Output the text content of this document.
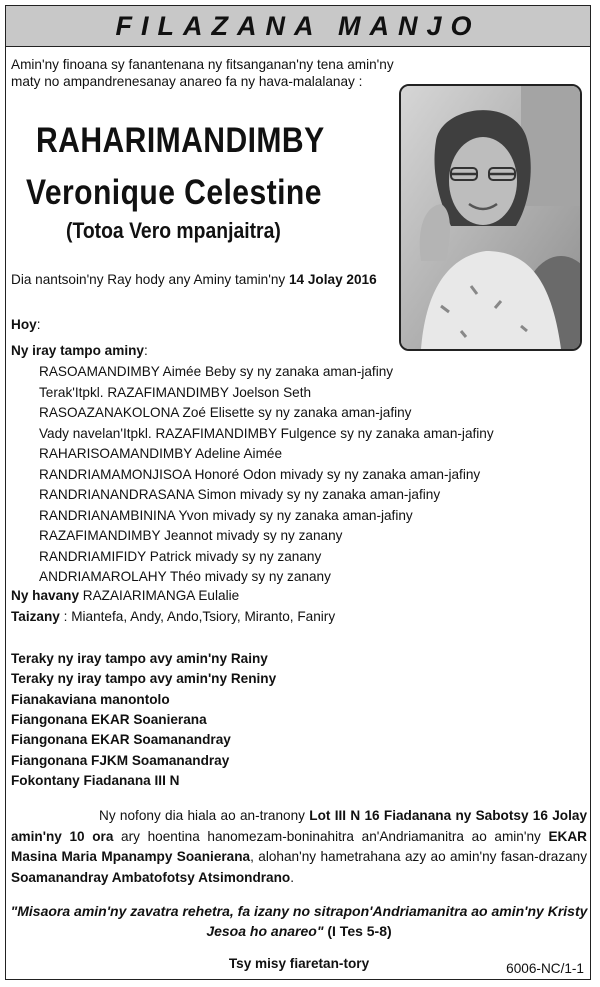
FILAZANA MANJO
Amin'ny finoana sy fanantenana ny fitsanganan'ny tena amin'ny maty no ampandrenesanay anareo fa ny hava-malalanay :
RAHARIMANDIMBY
Veronique Celestine
(Totoa Vero mpanjaitra)
Dia nantsoin'ny Ray hody any Aminy tamin'ny 14 Jolay 2016
Hoy:
Ny iray tampo aminy:
RASOAMANDIMBY Aimée Beby sy ny zanaka aman-jafiny
Terak'Itpkl. RAZAFIMANDIMBY Joelson Seth
RASOAZANAKOLONA Zoé Elisette sy ny zanaka aman-jafiny
Vady navelan'Itpkl. RAZAFIMANDIMBY Fulgence sy ny zanaka aman-jafiny
RAHARISOAMANDIMBY Adeline Aimée
RANDRIAMAMONJISOA Honoré Odon mivady sy ny zanaka aman-jafiny
RANDRIANANDRASANA Simon mivady sy ny zanaka aman-jafiny
RANDRIANAMBININA Yvon mivady sy ny zanaka aman-jafiny
RAZAFIMANDIMBY Jeannot mivady sy ny zanany
RANDRIAMIFIDY Patrick mivady sy ny zanany
ANDRIAMAROLAHY Théo mivady sy ny zanany
Ny havany RAZAIARIMANGA Eulalie
Taizany : Miantefa, Andy, Ando,Tsiory, Miranto, Faniry
Teraky ny iray tampo avy amin'ny Rainy
Teraky ny iray tampo avy amin'ny Reniny
Fianakaviana manontolo
Fiangonana EKAR Soanierana
Fiangonana EKAR Soamanandray
Fiangonana FJKM Soamanandray
Fokontany Fiadanana III N
Ny nofony dia hiala ao an-tranony Lot III N 16 Fiadanana ny Sabotsy 16 Jolay amin'ny 10 ora ary hoentina hanomezam-boninahitra an'Andriamanitra ao amin'ny EKAR Masina Maria Mpanampy Soanierana, alohan'ny hametrahana azy ao amin'ny fasan-drazany Soamanandray Ambatofotsy Atsimondrano.
"Misaora amin'ny zavatra rehetra, fa izany no sitrapon'Andriamanitra ao amin'ny Kristy Jesoa ho anareo" (I Tes 5-8)
Tsy misy fiaretan-tory	6006-NC/1-1
